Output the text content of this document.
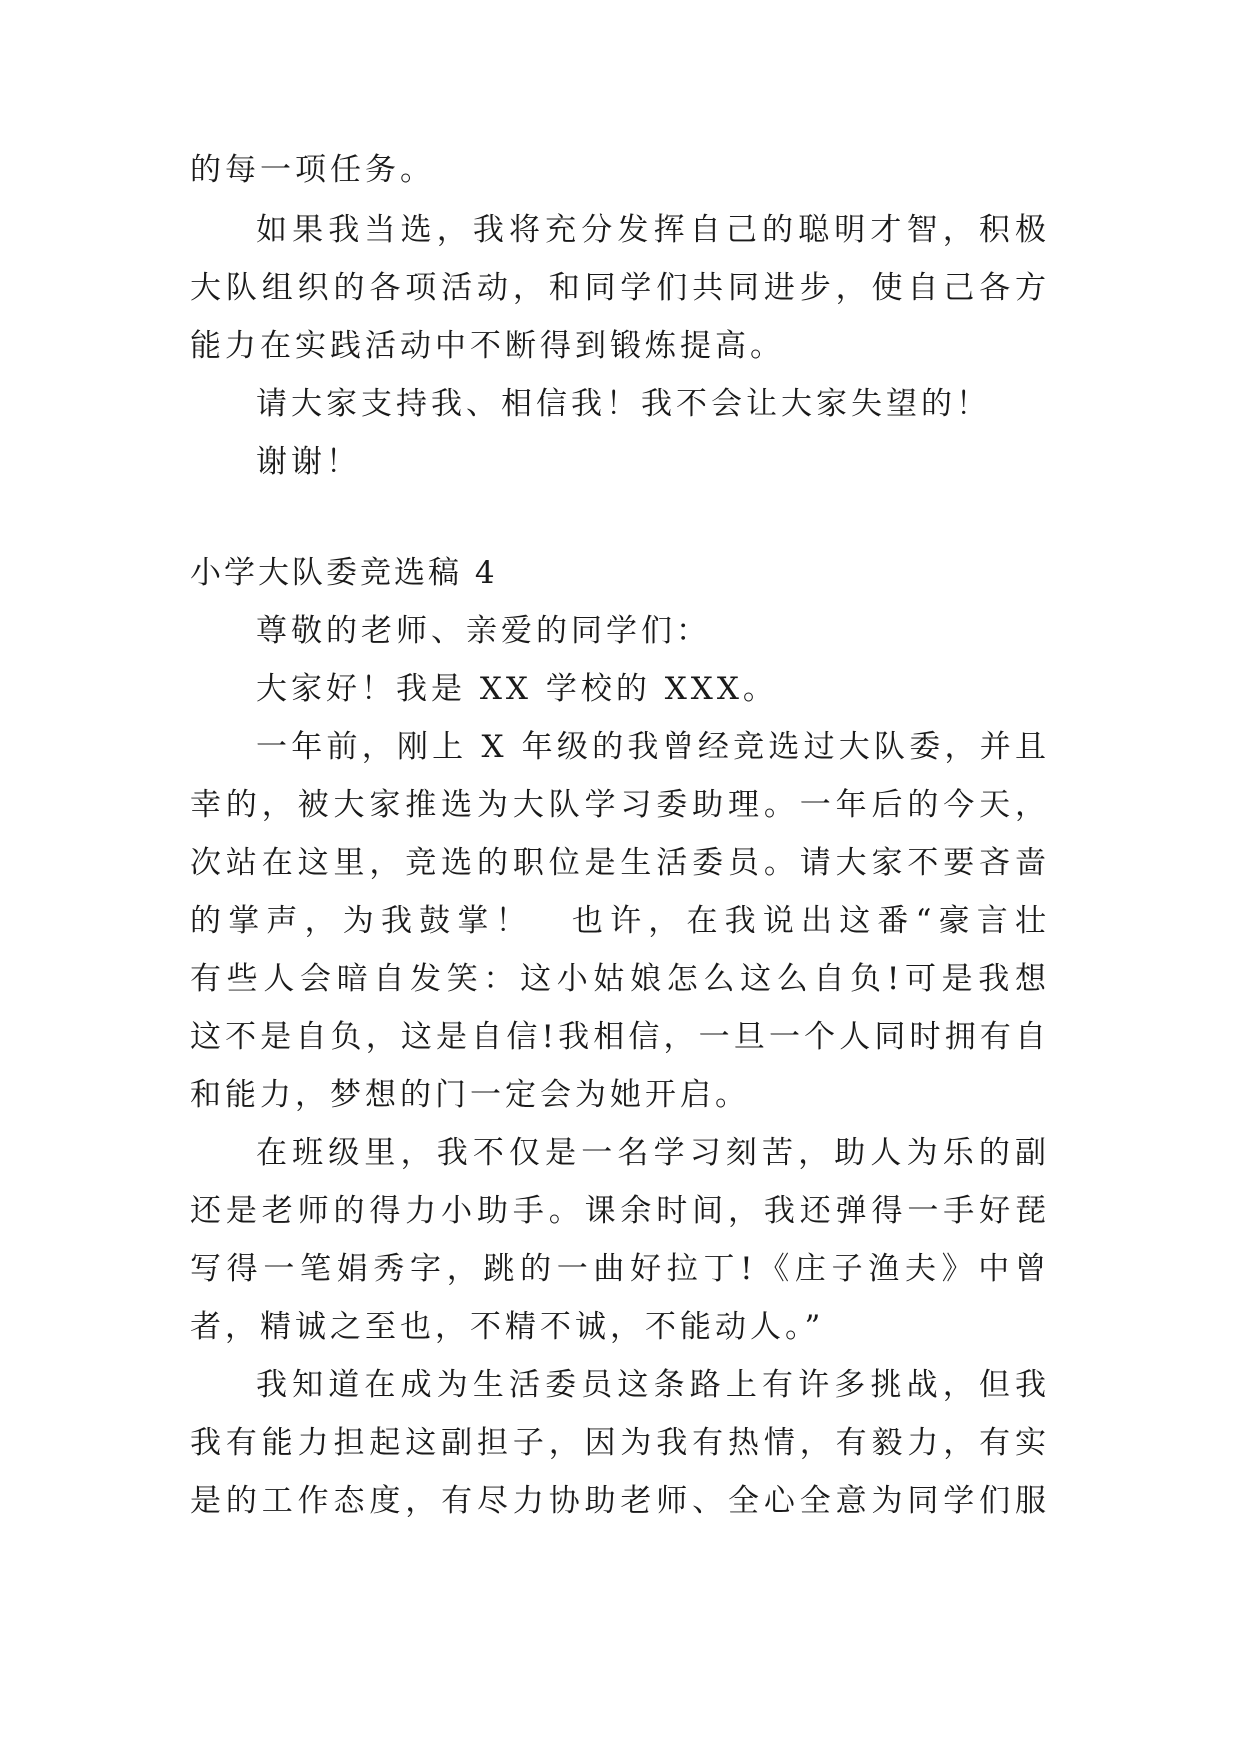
的每一项任务。

如果我当选，我将充分发挥自己的聪明才智，积极

大队组织的各项活动，和同学们共同进步，使自己各方

能力在实践活动中不断得到锻炼提高。

请大家支持我、相信我！我不会让大家失望的！

谢谢！

小学大队委竞选稿 4

尊敬的老师、亲爱的同学们：

大家好！我是 XX 学校的 XXX。

一年前，刚上 X 年级的我曾经竞选过大队委，并且

幸的，被大家推选为大队学习委助理。一年后的今天，

次站在这里，竞选的职位是生活委员。请大家不要吝啬

的掌声，为我鼓掌！　也许，在我说出这番“豪言壮

有些人会暗自发笑：这小姑娘怎么这么自负!可是我想

这不是自负，这是自信!我相信，一旦一个人同时拥有自

和能力，梦想的门一定会为她开启。

在班级里，我不仅是一名学习刻苦，助人为乐的副

还是老师的得力小助手。课余时间，我还弹得一手好琵

写得一笔娟秀字，跳的一曲好拉丁!《庄子渔夫》中曾

者，精诚之至也，不精不诚，不能动人。”

我知道在成为生活委员这条路上有许多挑战，但我

我有能力担起这副担子，因为我有热情，有毅力，有实

是的工作态度，有尽力协助老师、全心全意为同学们服
